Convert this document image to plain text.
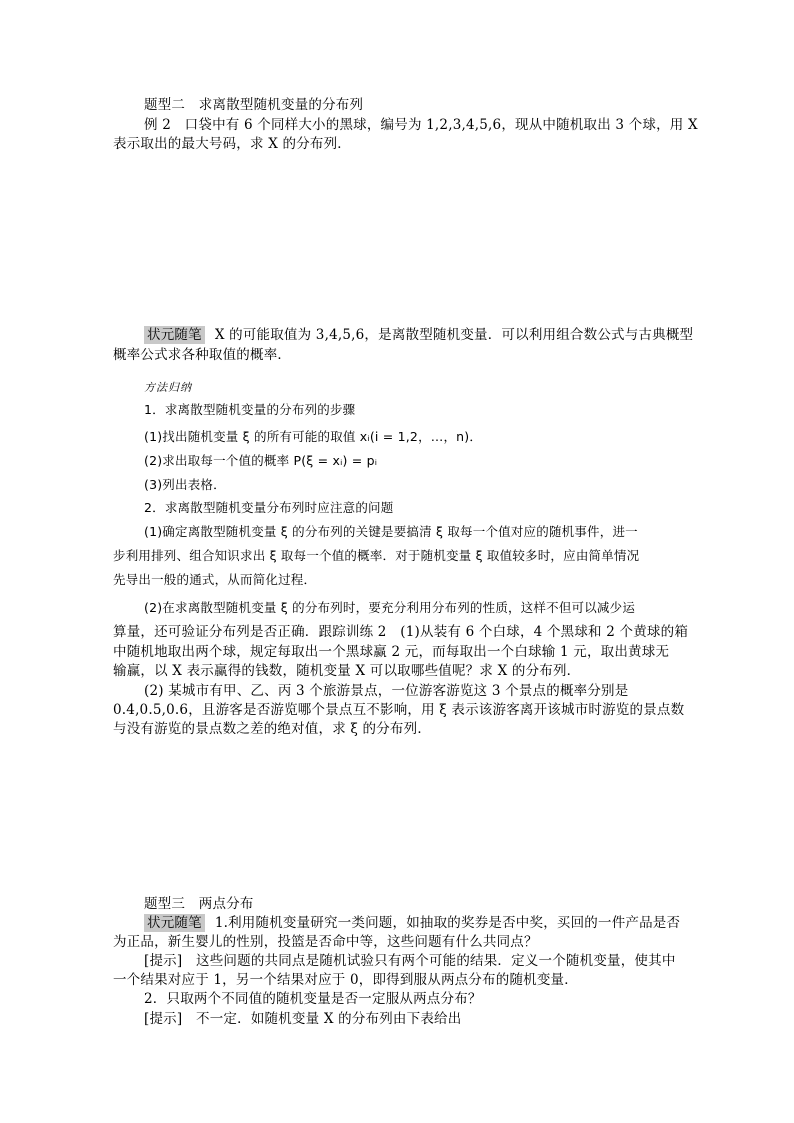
题型二　求离散型随机变量的分布列
例 2　口袋中有 6 个同样大小的黑球，编号为 1,2,3,4,5,6，现从中随机取出 3 个球，用 X
表示取出的最大号码，求 X 的分布列．
状元随笔 X 的可能取值为 3,4,5,6，是离散型随机变量．可以利用组合数公式与古典概型
概率公式求各种取值的概率．
方法归纳
1．求离散型随机变量的分布列的步骤
(1)找出随机变量 ξ 的所有可能的取值 xᵢ(i = 1,2，…，n)．
(2)求出取每一个值的概率 P(ξ = xᵢ) = pᵢ
(3)列出表格．
2．求离散型随机变量分布列时应注意的问题
(1)确定离散型随机变量 ξ 的分布列的关键是要搞清 ξ 取每一个值对应的随机事件，进一
步利用排列、组合知识求出 ξ 取每一个值的概率．对于随机变量 ξ 取值较多时，应由简单情况
先导出一般的通式，从而简化过程．
(2)在求离散型随机变量 ξ 的分布列时，要充分利用分布列的性质，这样不但可以减少运
算量，还可验证分布列是否正确．跟踪训练 2　(1)从装有 6 个白球，4 个黑球和 2 个黄球的箱
中随机地取出两个球，规定每取出一个黑球赢 2 元，而每取出一个白球输 1 元，取出黄球无
输赢，以 X 表示赢得的钱数，随机变量 X 可以取哪些值呢？求 X 的分布列．
(2) 某城市有甲、乙、丙 3 个旅游景点，一位游客游览这 3 个景点的概率分别是
0.4,0.5,0.6，且游客是否游览哪个景点互不影响，用 ξ 表示该游客离开该城市时游览的景点数
与没有游览的景点数之差的绝对值，求 ξ 的分布列．
题型三　两点分布
状元随笔 1.利用随机变量研究一类问题，如抽取的奖券是否中奖，买回的一件产品是否
为正品，新生婴儿的性别，投篮是否命中等，这些问题有什么共同点？
[提示]　这些问题的共同点是随机试验只有两个可能的结果．定义一个随机变量，使其中
一个结果对应于 1，另一个结果对应于 0，即得到服从两点分布的随机变量．
2．只取两个不同值的随机变量是否一定服从两点分布？
[提示]　不一定．如随机变量 X 的分布列由下表给出
